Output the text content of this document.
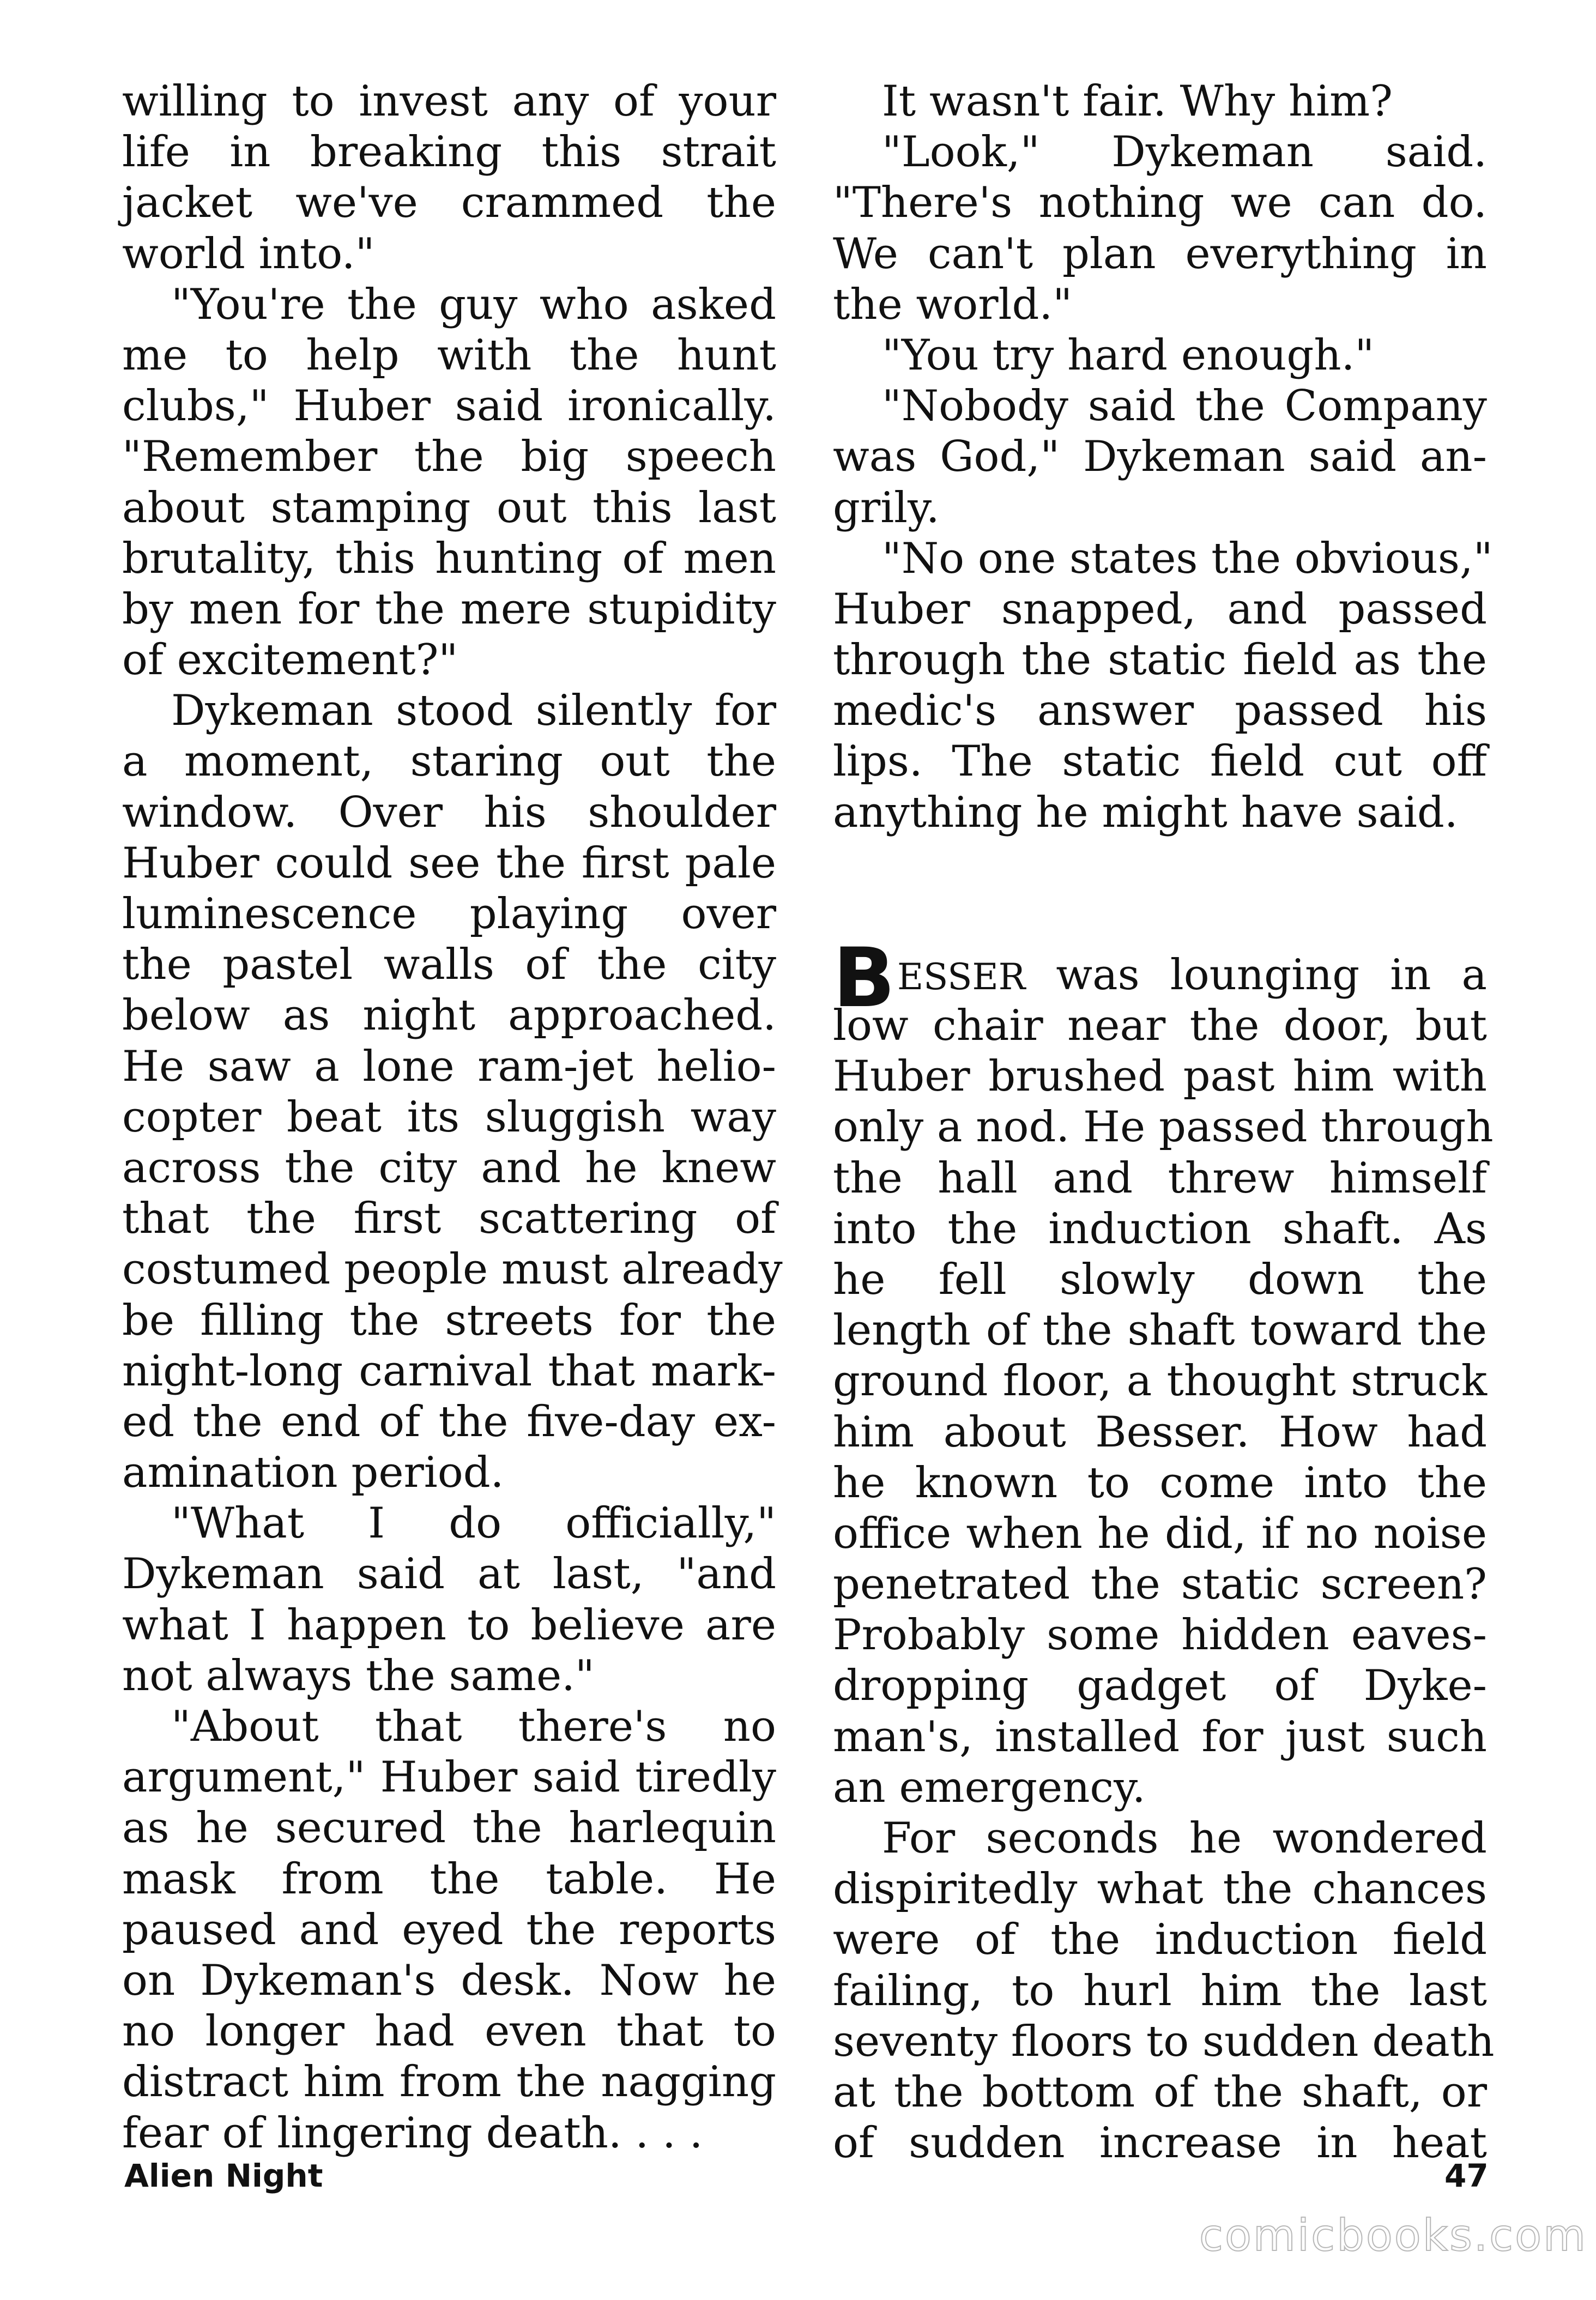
willing to invest any of your
life in breaking this strait
jacket we've crammed the
world into."
"You're the guy who asked
me to help with the hunt
clubs," Huber said ironically.
"Remember the big speech
about stamping out this last
brutality, this hunting of men
by men for the mere stupidity
of excitement?"
Dykeman stood silently for
a moment, staring out the
window. Over his shoulder
Huber could see the first pale
luminescence playing over
the pastel walls of the city
below as night approached.
He saw a lone ram-jet helio-
copter beat its sluggish way
across the city and he knew
that the first scattering of
costumed people must already
be filling the streets for the
night-long carnival that mark-
ed the end of the five-day ex-
amination period.
"What I do officially,"
Dykeman said at last, "and
what I happen to believe are
not always the same."
"About that there's no
argument," Huber said tiredly
as he secured the harlequin
mask from the table. He
paused and eyed the reports
on Dykeman's desk. Now he
no longer had even that to
distract him from the nagging
fear of lingering death. . . .
It wasn't fair. Why him?
"Look," Dykeman said.
"There's nothing we can do.
We can't plan everything in
the world."
"You try hard enough."
"Nobody said the Company
was God," Dykeman said an-
grily.
"No one states the obvious,"
Huber snapped, and passed
through the static field as the
medic's answer passed his
lips. The static field cut off
anything he might have said.
ESSER was lounging in a
low chair near the door, but
Huber brushed past him with
only a nod. He passed through
the hall and threw himself
into the induction shaft. As
he fell slowly down the
length of the shaft toward the
ground floor, a thought struck
him about Besser. How had
he known to come into the
office when he did, if no noise
penetrated the static screen?
Probably some hidden eaves-
dropping gadget of Dyke-
man's, installed for just such
an emergency.
For seconds he wondered
dispiritedly what the chances
were of the induction field
failing, to hurl him the last
seventy floors to sudden death
at the bottom of the shaft, or
of sudden increase in heat
B
Alien Night	47
comicbooks.com
